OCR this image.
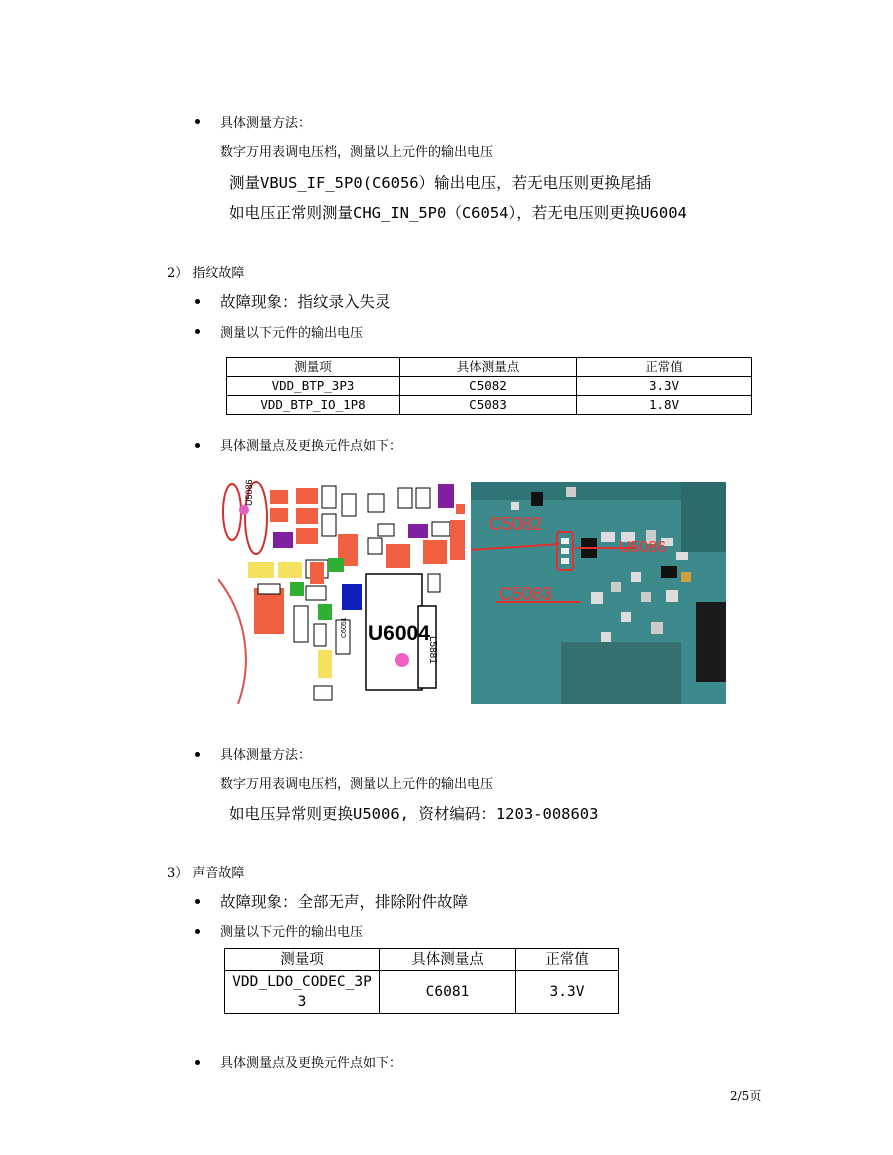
具体测量方法：
数字万用表调电压档，测量以上元件的输出电压
测量VBUS_IF_5P0(C6056）输出电压，若无电压则更换尾插
如电压正常则测量CHG_IN_5P0（C6054），若无电压则更换U6004
2） 指纹故障
故障现象：指纹录入失灵
测量以下元件的输出电压
测量项	具体测量点	正常值
VDD_BTP_3P3	C5082	3.3V
VDD_BTP_IO_1P8	C5083	1.8V
具体测量点及更换元件点如下：
U6004
U5086
L5881
C6051
C5082
C5083
U5086
具体测量方法：
数字万用表调电压档，测量以上元件的输出电压
如电压异常则更换U5006, 资材编码：1203-008603
3） 声音故障
故障现象：全部无声，排除附件故障
测量以下元件的输出电压
测量项	具体测量点	正常值

VDD_LDO_CODEC_3P3	C6081	3.3V
具体测量点及更换元件点如下：
2/5页
